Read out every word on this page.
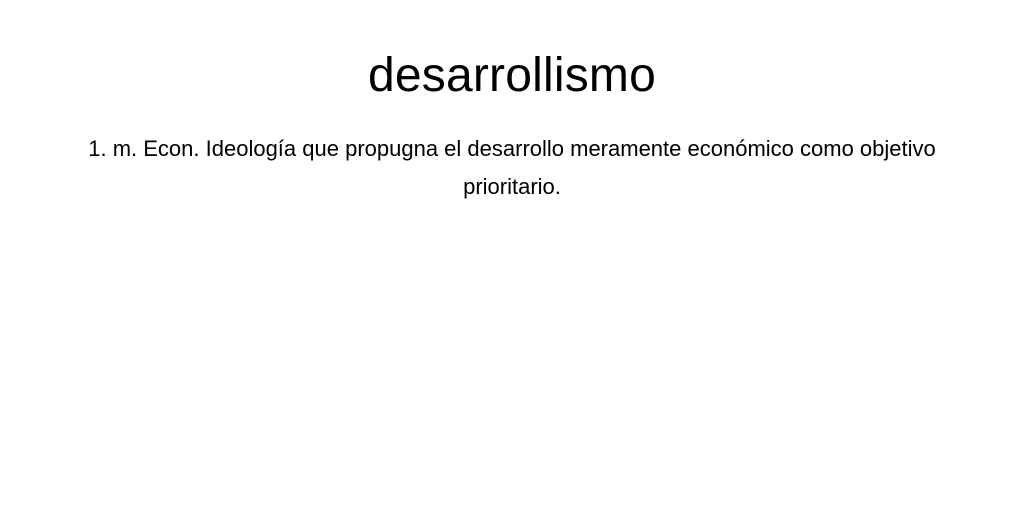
desarrollismo

1. m. Econ. Ideología que propugna el desarrollo meramente económico como objetivo prioritario.
